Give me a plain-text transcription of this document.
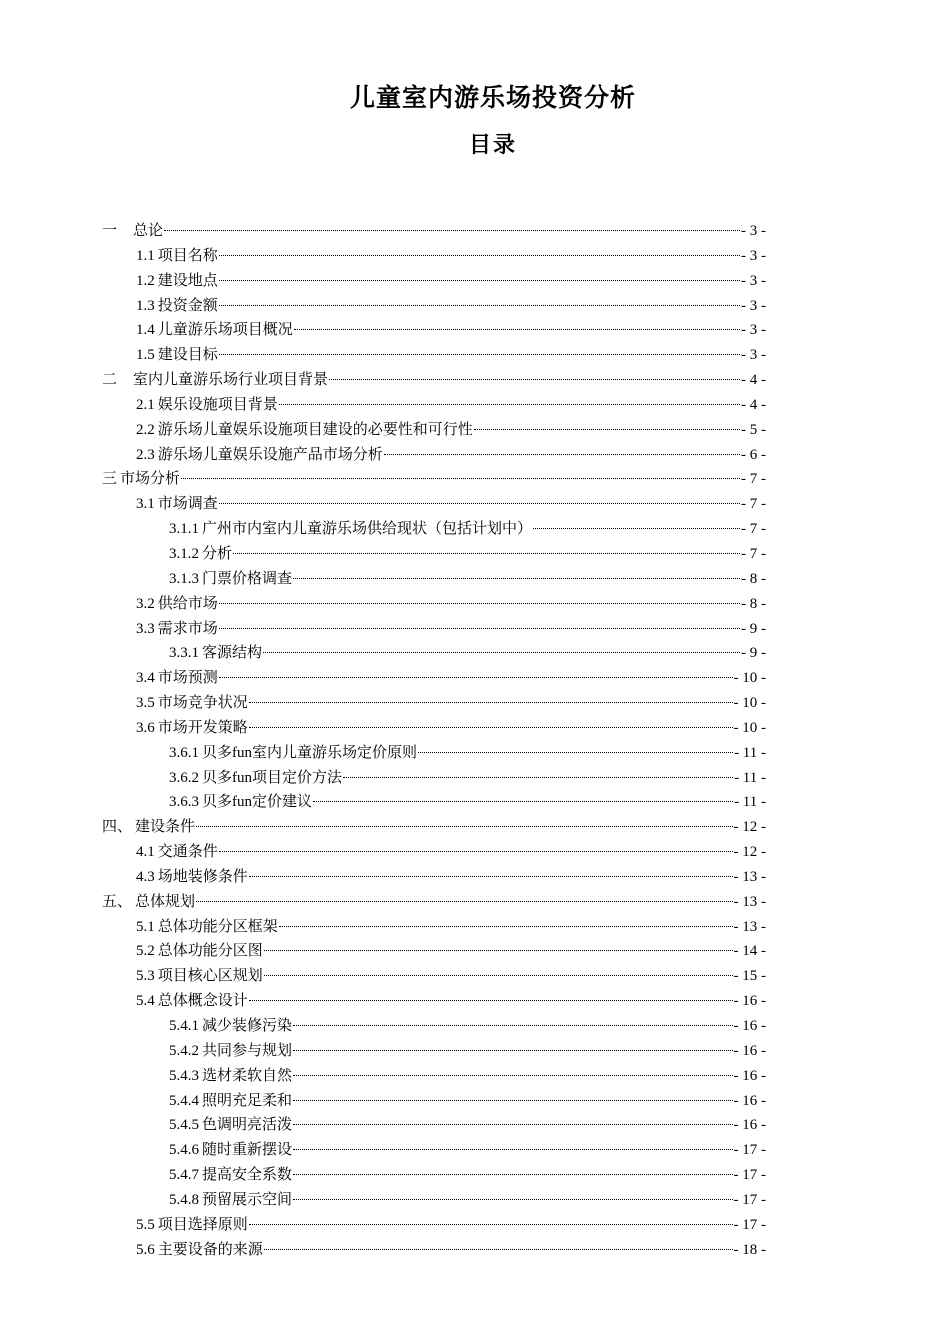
儿童室内游乐场投资分析
目录
一 总论	- 3 -
1.1 项目名称	- 3 -
1.2 建设地点	- 3 -
1.3 投资金额	- 3 -
1.4 儿童游乐场项目概况	- 3 -
1.5 建设目标	- 3 -
二 室内儿童游乐场行业项目背景	- 4 -
2.1 娱乐设施项目背景	- 4 -
2.2 游乐场儿童娱乐设施项目建设的必要性和可行性	- 5 -
2.3 游乐场儿童娱乐设施产品市场分析	- 6 -
三 市场分析	- 7 -
3.1 市场调查	- 7 -
3.1.1 广州市内室内儿童游乐场供给现状（包括计划中）	- 7 -
3.1.2 分析	- 7 -
3.1.3 门票价格调查	- 8 -
3.2 供给市场	- 8 -
3.3 需求市场	- 9 -
3.3.1 客源结构	- 9 -
3.4 市场预测	- 10 -
3.5 市场竞争状况	- 10 -
3.6 市场开发策略	- 10 -
3.6.1 贝多fun室内儿童游乐场定价原则	- 11 -
3.6.2 贝多fun项目定价方法	- 11 -
3.6.3 贝多fun定价建议	- 11 -
四、 建设条件	- 12 -
4.1 交通条件	- 12 -
4.3 场地装修条件	- 13 -
五、 总体规划	- 13 -
5.1 总体功能分区框架	- 13 -
5.2 总体功能分区图	- 14 -
5.3 项目核心区规划	- 15 -
5.4 总体概念设计	- 16 -
5.4.1 减少装修污染	- 16 -
5.4.2 共同参与规划	- 16 -
5.4.3 选材柔软自然	- 16 -
5.4.4 照明充足柔和	- 16 -
5.4.5 色调明亮活泼	- 16 -
5.4.6 随时重新摆设	- 17 -
5.4.7 提高安全系数	- 17 -
5.4.8 预留展示空间	- 17 -
5.5 项目选择原则	- 17 -
5.6 主要设备的来源	- 18 -
